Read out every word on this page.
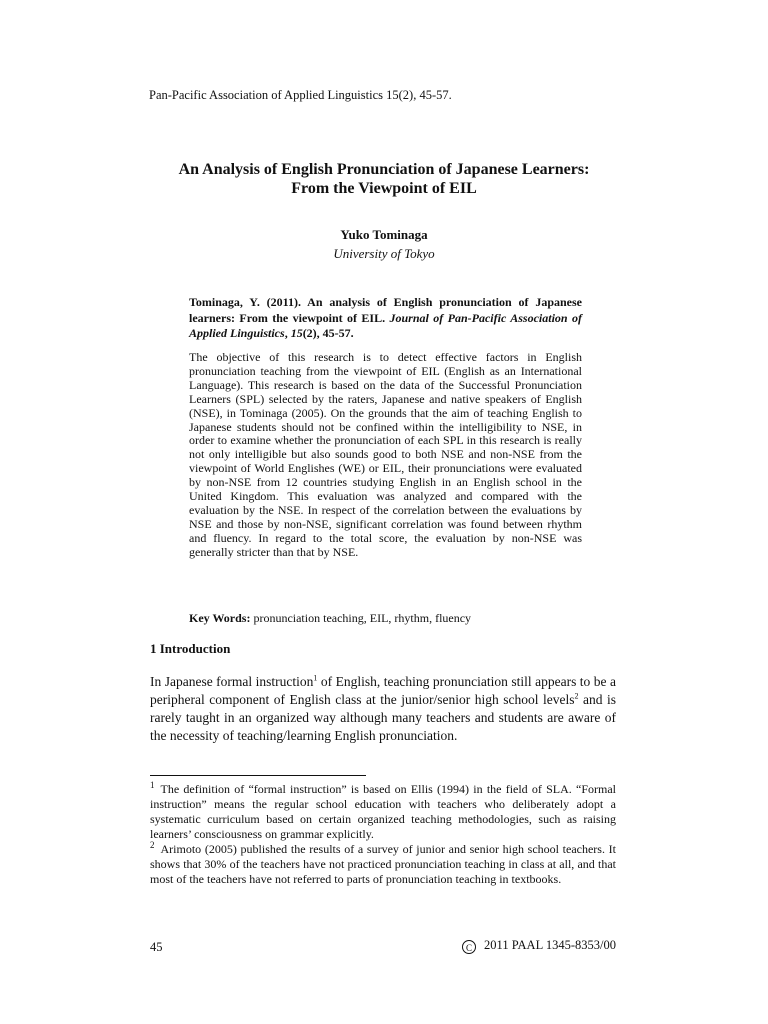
Pan-Pacific Association of Applied Linguistics 15(2), 45-57.
An Analysis of English Pronunciation of Japanese Learners:
From the Viewpoint of EIL
Yuko Tominaga
University of Tokyo
Tominaga, Y. (2011). An analysis of English pronunciation of Japanese learners: From the viewpoint of EIL. Journal of Pan-Pacific Association of Applied Linguistics, 15(2), 45-57.
The objective of this research is to detect effective factors in English pronunciation teaching from the viewpoint of EIL (English as an International Language). This research is based on the data of the Successful Pronunciation Learners (SPL) selected by the raters, Japanese and native speakers of English (NSE), in Tominaga (2005). On the grounds that the aim of teaching English to Japanese students should not be confined within the intelligibility to NSE, in order to examine whether the pronunciation of each SPL in this research is really not only intelligible but also sounds good to both NSE and non-NSE from the viewpoint of World Englishes (WE) or EIL, their pronunciations were evaluated by non-NSE from 12 countries studying English in an English school in the United Kingdom. This evaluation was analyzed and compared with the evaluation by the NSE. In respect of the correlation between the evaluations by NSE and those by non-NSE, significant correlation was found between rhythm and fluency. In regard to the total score, the evaluation by non-NSE was generally stricter than that by NSE.
Key Words: pronunciation teaching, EIL, rhythm, fluency
1 Introduction
In Japanese formal instruction$^1$ of English, teaching pronunciation still appears to be a peripheral component of English class at the junior/senior high school levels$^2$ and is rarely taught in an organized way although many teachers and students are aware of the necessity of teaching/learning English pronunciation.

$^1$ The definition of “formal instruction” is based on Ellis (1994) in the field of SLA. “Formal instruction” means the regular school education with teachers who deliberately adopt a systematic curriculum based on certain organized teaching methodologies, such as raising learners’ consciousness on grammar explicitly.

$^2$ Arimoto (2005) published the results of a survey of junior and senior high school teachers. It shows that 30% of the teachers have not practiced pronunciation teaching in class at all, and that most of the teachers have not referred to parts of pronunciation teaching in textbooks.

45	C 2011 PAAL 1345-8353/00
